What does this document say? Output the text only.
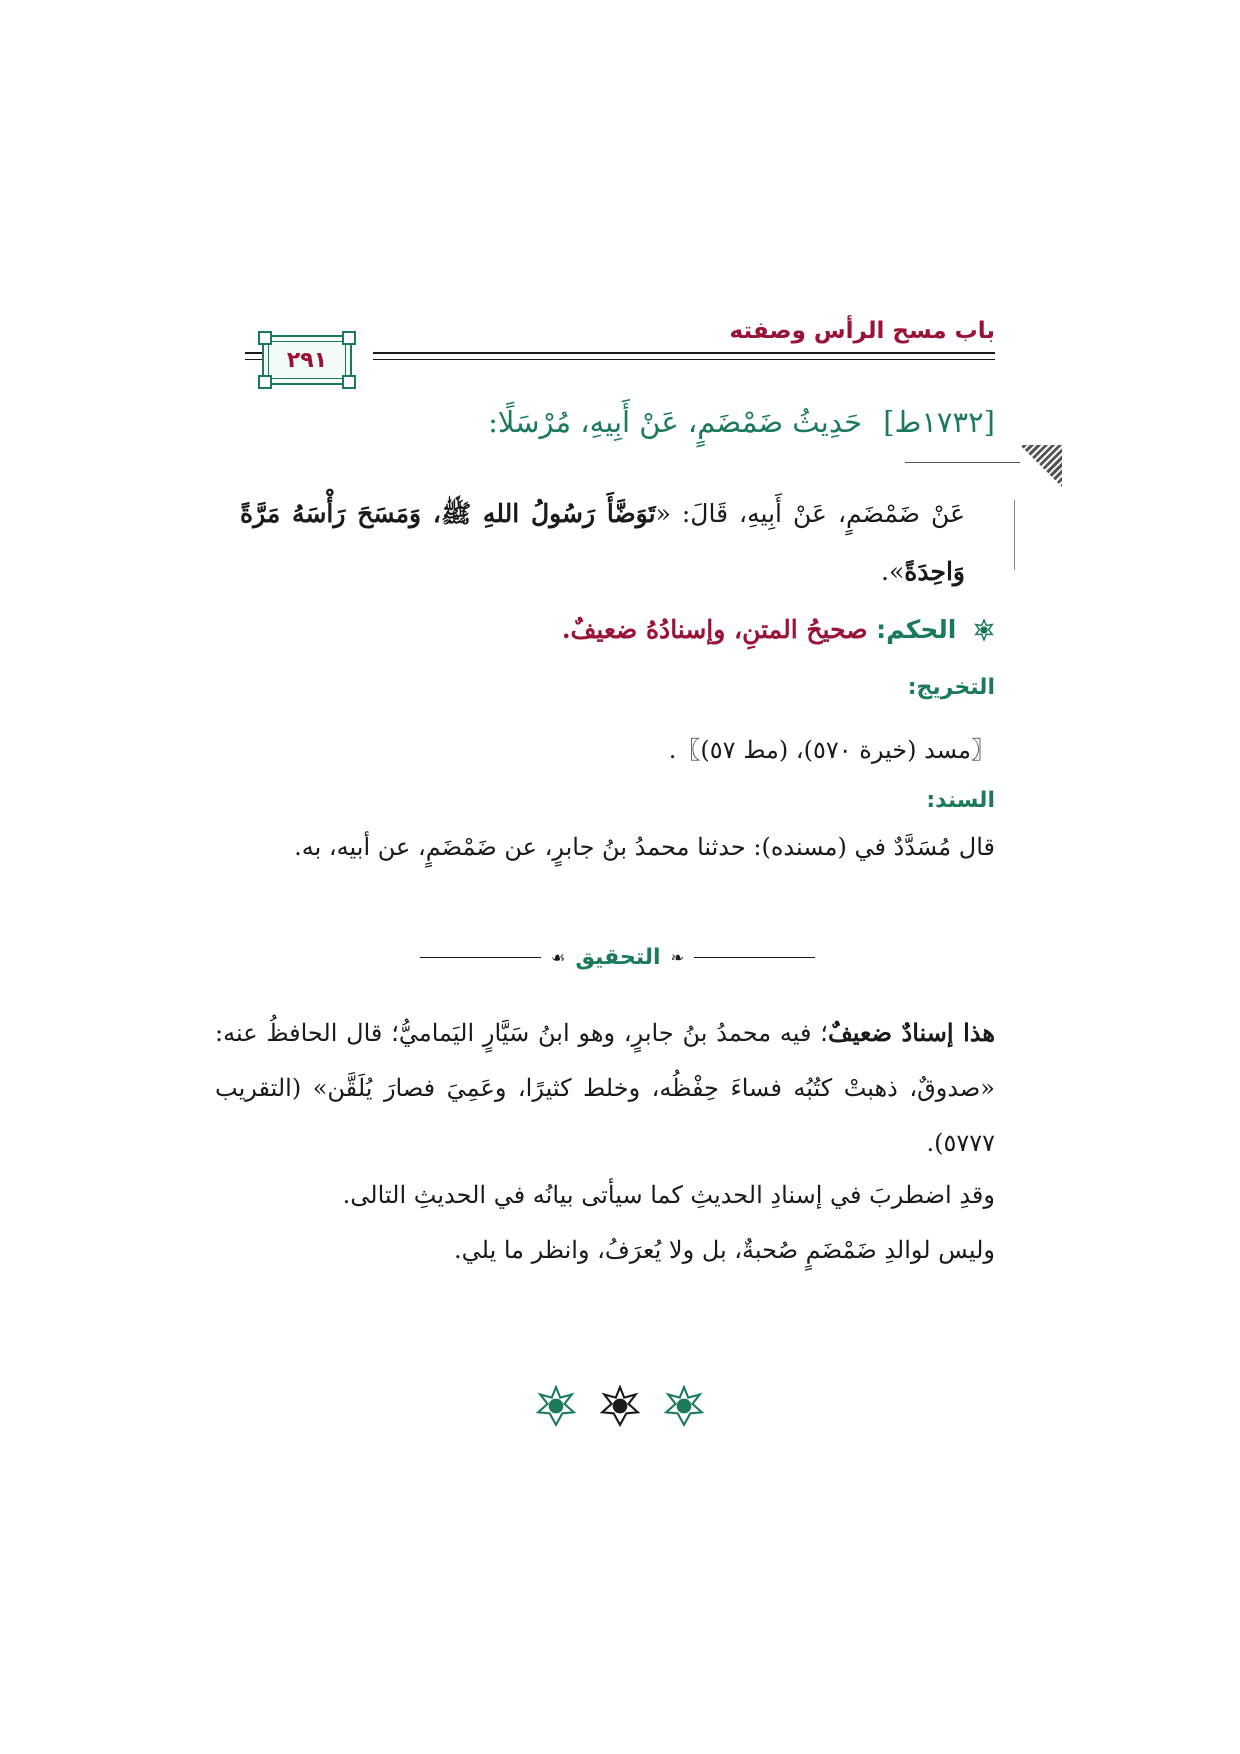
باب مسح الرأس وصفته
٢٩١
[١٧٣٢ط] حَدِيثُ ضَمْضَمٍ، عَنْ أَبِيهِ، مُرْسَلًا:
عَنْ ضَمْضَمٍ، عَنْ أَبِيهِ، قَالَ: «تَوَضَّأَ رَسُولُ اللهِ ﷺ، وَمَسَحَ رَأْسَهُ مَرَّةً وَاحِدَةً».
الحكم: صحيحُ المتنِ، وإسنادُهُ ضعيفٌ.
التخريج:
〖مسد (خيرة ٥٧٠)، (مط ٥٧)〗.
السند:
قال مُسَدَّدٌ في (مسنده): حدثنا محمدُ بنُ جابرٍ، عن ضَمْضَمٍ، عن أبيه، به.
❧
التحقيق
☙
هذا إسنادٌ ضعيفٌ؛ فيه محمدُ بنُ جابرٍ، وهو ابنُ سَيَّارٍ اليَماميُّ؛ قال الحافظُ عنه: «صدوقٌ، ذهبتْ كتُبُه فساءَ حِفْظُه، وخلط كثيرًا، وعَمِيَ فصارَ يُلَقَّن» (التقريب ٥٧٧٧).
وقدِ اضطربَ في إسنادِ الحديثِ كما سيأتى بيانُه في الحديثِ التالى.
وليس لوالدِ ضَمْضَمٍ صُحبةٌ، بل ولا يُعرَفُ، وانظر ما يلي.
